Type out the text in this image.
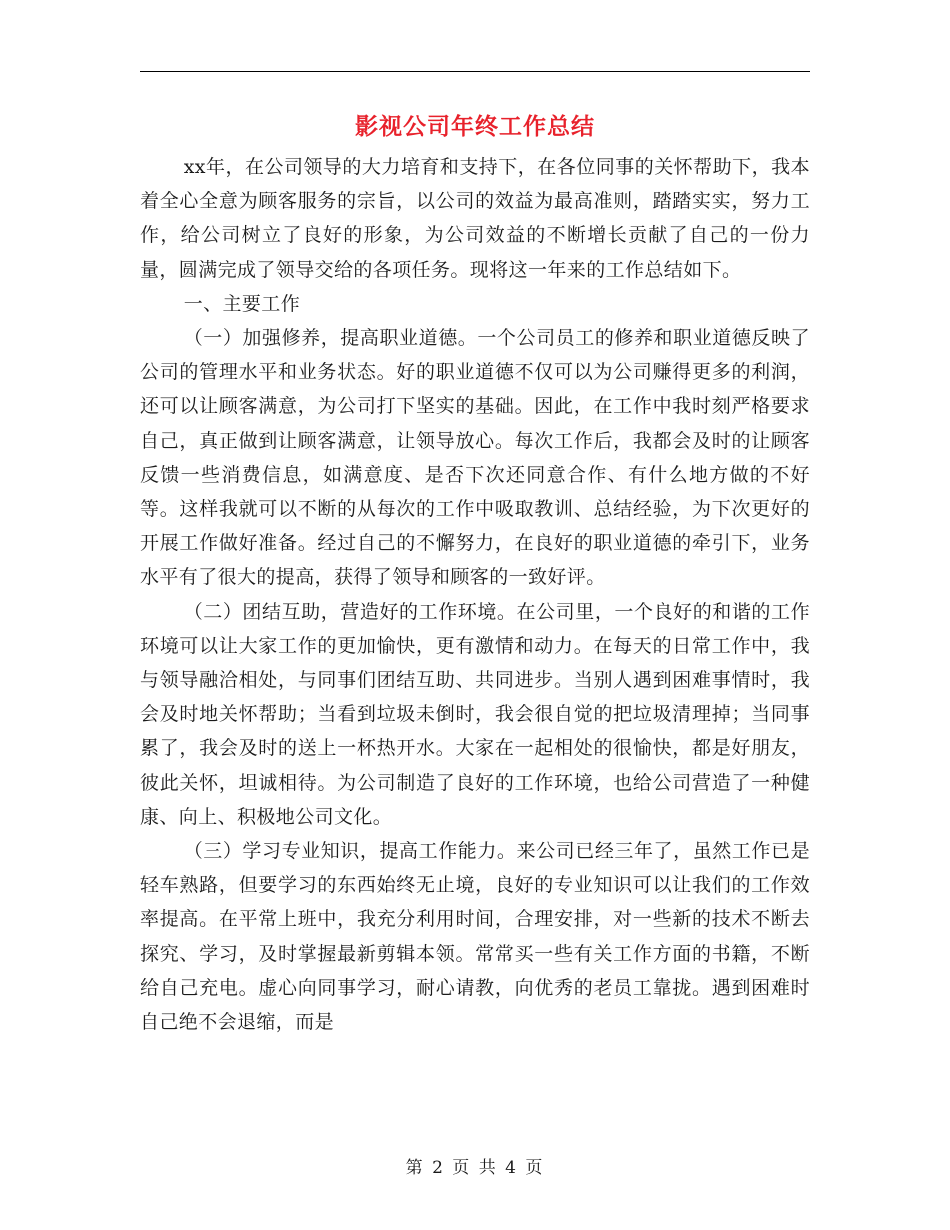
影视公司年终工作总结

xx年，在公司领导的大力培育和支持下，在各位同事的关怀帮助下，我本着全心全意为顾客服务的宗旨，以公司的效益为最高准则，踏踏实实，努力工作，给公司树立了良好的形象，为公司效益的不断增长贡献了自己的一份力量，圆满完成了领导交给的各项任务。现将这一年来的工作总结如下。

一、主要工作

（一）加强修养，提高职业道德。一个公司员工的修养和职业道德反映了公司的管理水平和业务状态。好的职业道德不仅可以为公司赚得更多的利润，还可以让顾客满意，为公司打下坚实的基础。因此，在工作中我时刻严格要求自己，真正做到让顾客满意，让领导放心。每次工作后，我都会及时的让顾客反馈一些消费信息，如满意度、是否下次还同意合作、有什么地方做的不好等。这样我就可以不断的从每次的工作中吸取教训、总结经验，为下次更好的开展工作做好准备。经过自己的不懈努力，在良好的职业道德的牵引下，业务水平有了很大的提高，获得了领导和顾客的一致好评。

（二）团结互助，营造好的工作环境。在公司里，一个良好的和谐的工作环境可以让大家工作的更加愉快，更有激情和动力。在每天的日常工作中，我与领导融洽相处，与同事们团结互助、共同进步。当别人遇到困难事情时，我会及时地关怀帮助；当看到垃圾未倒时，我会很自觉的把垃圾清理掉；当同事累了，我会及时的送上一杯热开水。大家在一起相处的很愉快，都是好朋友，彼此关怀，坦诚相待。为公司制造了良好的工作环境，也给公司营造了一种健康、向上、积极地公司文化。

（三）学习专业知识，提高工作能力。来公司已经三年了，虽然工作已是轻车熟路，但要学习的东西始终无止境，良好的专业知识可以让我们的工作效率提高。在平常上班中，我充分利用时间，合理安排，对一些新的技术不断去探究、学习，及时掌握最新剪辑本领。常常买一些有关工作方面的书籍，不断给自己充电。虚心向同事学习，耐心请教，向优秀的老员工靠拢。遇到困难时自己绝不会退缩，而是

第 2 页 共 4 页
